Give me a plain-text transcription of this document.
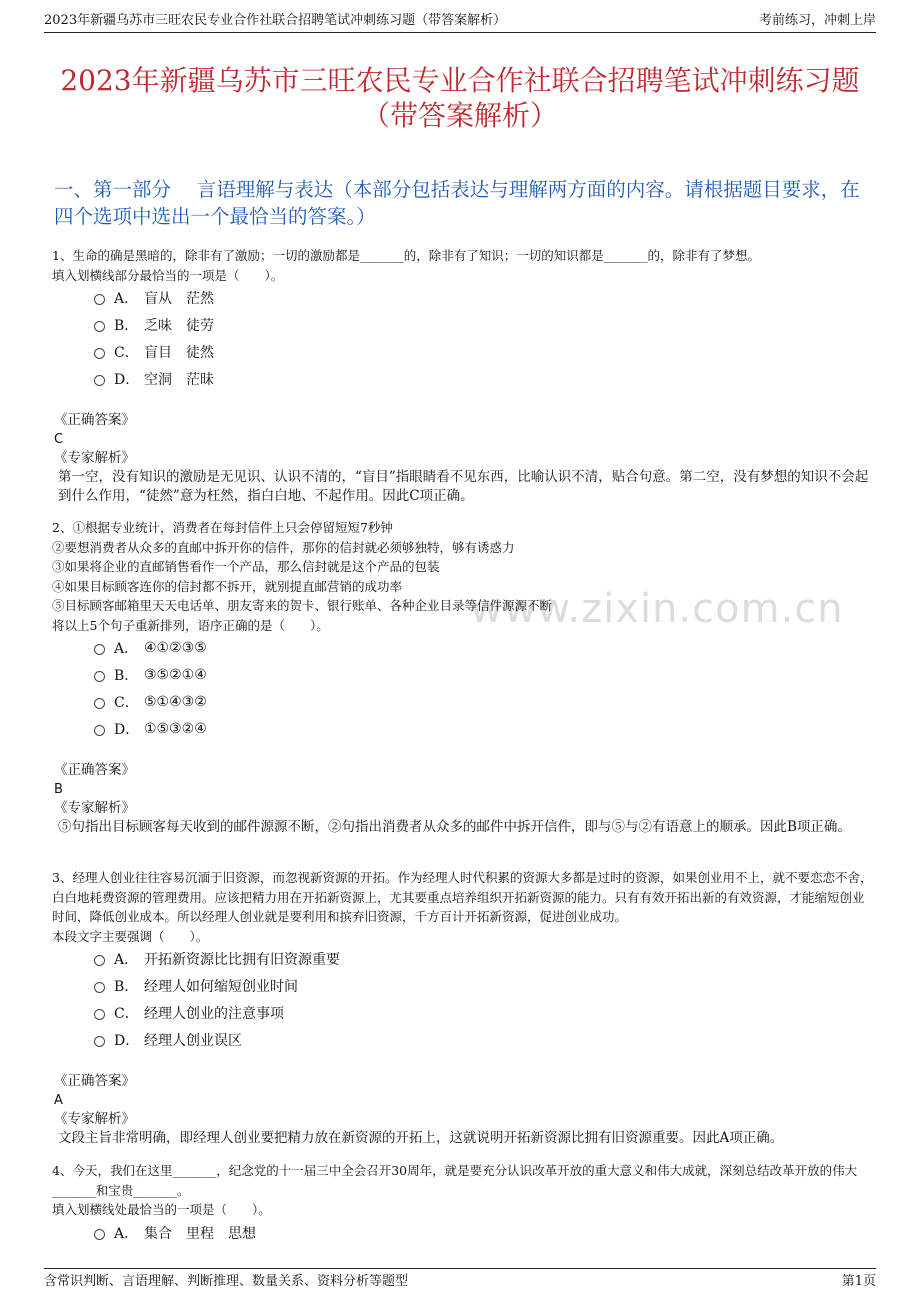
2023年新疆乌苏市三旺农民专业合作社联合招聘笔试冲刺练习题（带答案解析）	考前练习，冲刺上岸
2023年新疆乌苏市三旺农民专业合作社联合招聘笔试冲刺练习题（带答案解析）
一、第一部分　 言语理解与表达（本部分包括表达与理解两方面的内容。请根据题目要求，在四个选项中选出一个最恰当的答案。）
www.zixin.com.cn

1、生命的确是黑暗的，除非有了激励；一切的激励都是_______的，除非有了知识；一切的知识都是_______的，除非有了梦想。

填入划横线部分最恰当的一项是（　　）。

A． 盲从　茫然
B． 乏味　徒劳
C． 盲目　徒然
D． 空洞　茫昧

《正确答案》

C

《专家解析》

第一空，没有知识的激励是无见识、认识不清的，“盲目”指眼睛看不见东西，比喻认识不清，贴合句意。第二空，没有梦想的知识不会起到什么作用，“徒然”意为枉然，指白白地、不起作用。因此C项正确。

2、①根据专业统计，消费者在每封信件上只会停留短短7秒钟

②要想消费者从众多的直邮中拆开你的信件，那你的信封就必须够独特，够有诱惑力

③如果将企业的直邮销售看作一个产品，那么信封就是这个产品的包装

④如果目标顾客连你的信封都不拆开，就别提直邮营销的成功率

⑤目标顾客邮箱里天天电话单、朋友寄来的贺卡、银行账单、各种企业目录等信件源源不断

将以上5个句子重新排列，语序正确的是（　　）。

A． ④①②③⑤
B． ③⑤②①④
C． ⑤①④③②
D． ①⑤③②④

《正确答案》

B

《专家解析》

⑤句指出目标顾客每天收到的邮件源源不断，②句指出消费者从众多的邮件中拆开信件，即与⑤与②有语意上的顺承。因此B项正确。

3、经理人创业往往容易沉湎于旧资源，而忽视新资源的开拓。作为经理人时代积累的资源大多都是过时的资源，如果创业用不上，就不要恋恋不舍，白白地耗费资源的管理费用。应该把精力用在开拓新资源上，尤其要重点培养组织开拓新资源的能力。只有有效开拓出新的有效资源，才能缩短创业时间，降低创业成本。所以经理人创业就是要利用和摈弃旧资源，千方百计开拓新资源，促进创业成功。

本段文字主要强调（　　）。

A． 开拓新资源比比拥有旧资源重要
B． 经理人如何缩短创业时间
C． 经理人创业的注意事项
D． 经理人创业误区

《正确答案》

A

《专家解析》

文段主旨非常明确，即经理人创业要把精力放在新资源的开拓上，这就说明开拓新资源比拥有旧资源重要。因此A项正确。

4、今天，我们在这里_______，纪念党的十一届三中全会召开30周年，就是要充分认识改革开放的重大意义和伟大成就，深刻总结改革开放的伟大_______和宝贵_______。

填入划横线处最恰当的一项是（　　）。

A． 集合　里程　思想
含常识判断、言语理解、判断推理、数量关系、资料分析等题型	第1页
